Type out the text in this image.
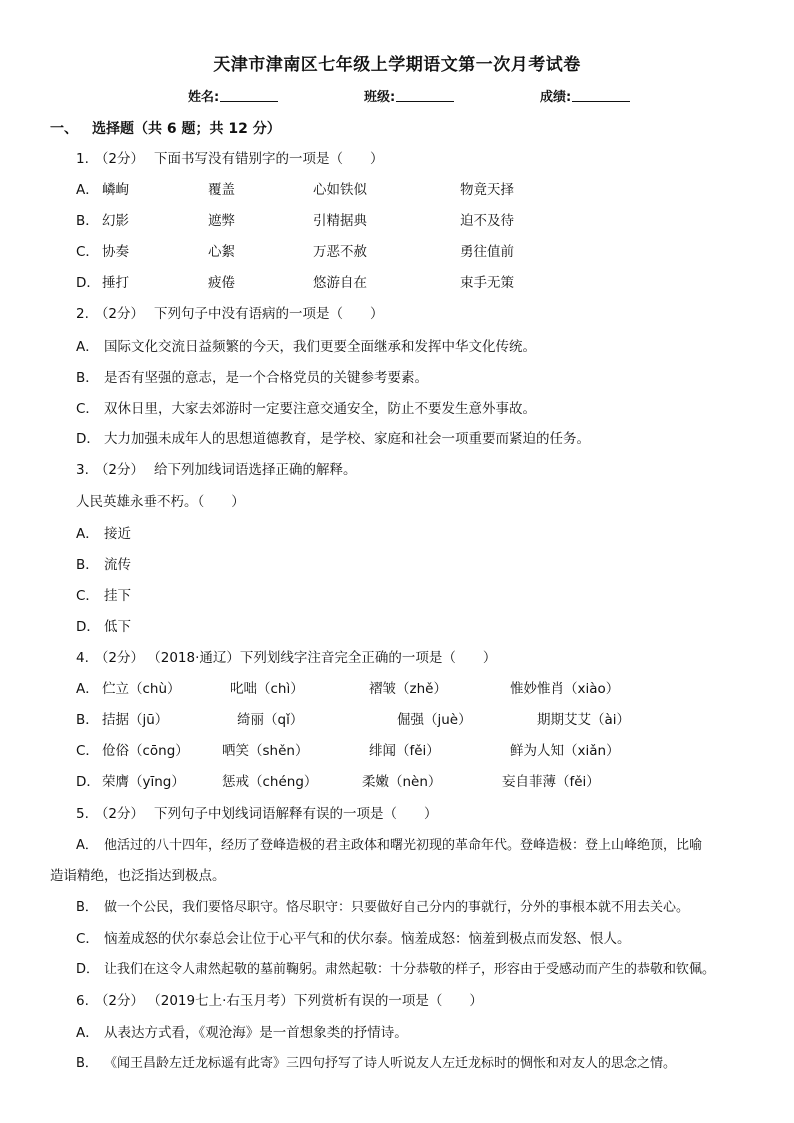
天津市津南区七年级上学期语文第一次月考试卷
姓名:	班级:	成绩:
一、 选择题（共 6 题；共 12 分）
1. （2分） 下面书写没有错别字的一项是（　　）
A． 嶙峋	覆盖	心如铁似	物竟天择
B． 幻影	遮弊	引精据典	迫不及待
C． 协奏	心絮	万恶不赦	勇往值前
D． 捶打	疲倦	悠游自在	束手无策
2. （2分） 下列句子中没有语病的一项是（　　）
A． 国际文化交流日益频繁的今天，我们更要全面继承和发挥中华文化传统。
B． 是否有坚强的意志，是一个合格党员的关键参考要素。
C． 双休日里，大家去郊游时一定要注意交通安全，防止不要发生意外事故。
D． 大力加强未成年人的思想道德教育，是学校、家庭和社会一项重要而紧迫的任务。
3. （2分） 给下列加线词语选择正确的解释。
人民英雄永垂不朽。（　　）
A． 接近
B． 流传
C． 挂下
D． 低下
4. （2分） （2018·通辽）下列划线字注音完全正确的一项是（　　）
A． 伫立（chù）	叱咄（chì）	褶皱（zhě）	惟妙惟肖（xiào）
B． 拮据（jū）	绮丽（qǐ）	倔强（juè）	期期艾艾（ài）
C． 伧俗（cōng） 哂笑（shěn）	绯闻（fěi）	鲜为人知（xiǎn）
D． 荣膺（yīng）	惩戒（chéng）	柔嫩（nèn）	妄自菲薄（fěi）
5. （2分） 下列句子中划线词语解释有误的一项是（　　）
A． 他活过的八十四年，经历了登峰造极的君主政体和曙光初现的革命年代。登峰造极：登上山峰绝顶，比喻
造诣精绝，也泛指达到极点。
B． 做一个公民，我们要恪尽职守。恪尽职守：只要做好自己分内的事就行，分外的事根本就不用去关心。
C． 恼羞成怒的伏尔泰总会让位于心平气和的伏尔泰。恼羞成怒：恼羞到极点而发怒、恨人。
D． 让我们在这令人肃然起敬的墓前鞠躬。肃然起敬：十分恭敬的样子，形容由于受感动而产生的恭敬和钦佩。
6. （2分） （2019七上·右玉月考）下列赏析有误的一项是（　　）
A． 从表达方式看，《观沧海》是一首想象类的抒情诗。
B． 《闻王昌龄左迁龙标遥有此寄》三四句抒写了诗人听说友人左迁龙标时的惆怅和对友人的思念之情。
